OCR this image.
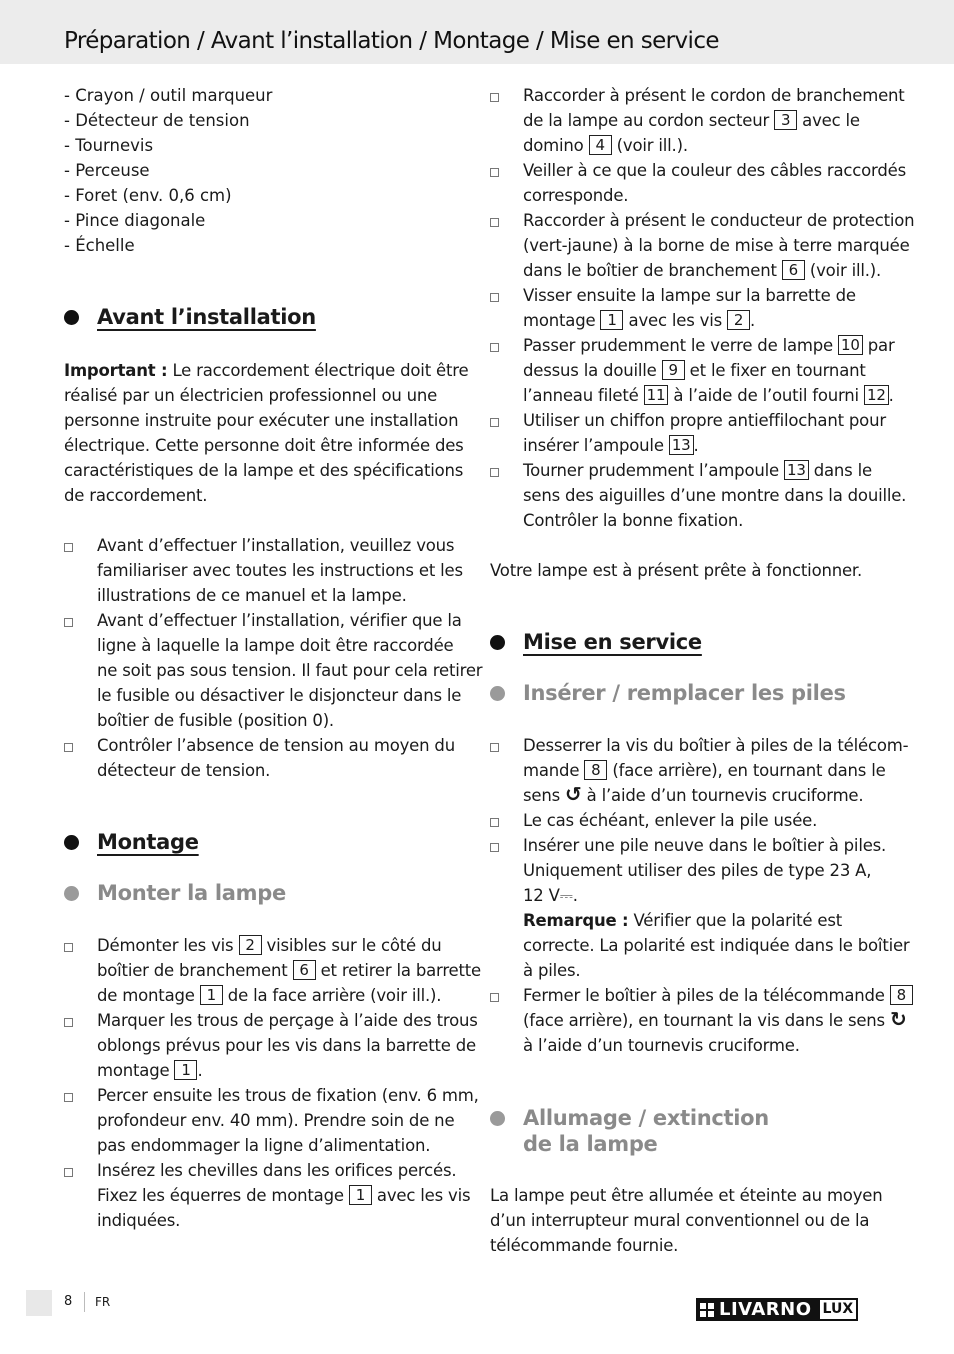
Préparation / Avant l’installation / Montage / Mise en service
- Crayon / outil marqueur
- Détecteur de tension
- Tournevis
- Perceuse
- Foret (env. 0,6 cm)
- Pince diagonale
- Échelle
Avant l’installation
Important : Le raccordement électrique doit être
réalisé par un électricien professionnel ou une
personne instruite pour exécuter une installation
électrique. Cette personne doit être informée des
caractéristiques de la lampe et des spécifications
de raccordement.
Avant d’effectuer l’installation, veuillez vous
familiariser avec toutes les instructions et les
illustrations de ce manuel et la lampe.
Avant d’effectuer l’installation, vérifier que la
ligne à laquelle la lampe doit être raccordée
ne soit pas sous tension. Il faut pour cela retirer
le fusible ou désactiver le disjoncteur dans le
boîtier de fusible (position 0).
Contrôler l’absence de tension au moyen du
détecteur de tension.
Montage
Monter la lampe
Démonter les vis 2 visibles sur le côté du
boîtier de branchement 6 et retirer la barrette
de montage 1 de la face arrière (voir ill.).
Marquer les trous de perçage à l’aide des trous
oblongs prévus pour les vis dans la barrette de
montage 1 .
Percer ensuite les trous de fixation (env. 6 mm,
profondeur env. 40 mm). Prendre soin de ne
pas endommager la ligne d’alimentation.
Insérez les chevilles dans les orifices percés.
Fixez les équerres de montage 1 avec les vis
indiquées.
Raccorder à présent le cordon de branchement
de la lampe au cordon secteur 3 avec le
domino 4 (voir ill.).
Veiller à ce que la couleur des câbles raccordés
corresponde.
Raccorder à présent le conducteur de protection
(vert-jaune) à la borne de mise à terre marquée
dans le boîtier de branchement 6 (voir ill.).
Visser ensuite la lampe sur la barrette de
montage 1 avec les vis 2 .
Passer prudemment le verre de lampe 10 par
dessus la douille 9 et le fixer en tournant
l’anneau fileté 11 à l’aide de l’outil fourni 12 .
Utiliser un chiffon propre antieffilochant pour
insérer l’ampoule 13 .
Tourner prudemment l’ampoule 13 dans le
sens des aiguilles d’une montre dans la douille.
Contrôler la bonne fixation.
Votre lampe est à présent prête à fonctionner.
Mise en service
Insérer / remplacer les piles
Desserrer la vis du boîtier à piles de la télécom-
mande 8 (face arrière), en tournant dans le
sens ↺ à l’aide d’un tournevis cruciforme.
Le cas échéant, enlever la pile usée.
Insérer une pile neuve dans le boîtier à piles.
Uniquement utiliser des piles de type 23 A,
12 V⎓.
Remarque : Vérifier que la polarité est
correcte. La polarité est indiquée dans le boîtier
à piles.
Fermer le boîtier à piles de la télécommande 8
(face arrière), en tournant la vis dans le sens ↻
à l’aide d’un tournevis cruciforme.
Allumage / extinction
de la lampe
La lampe peut être allumée et éteinte au moyen
d’un interrupteur mural conventionnel ou de la
télécommande fournie.
8 FR	LIVARNO LUX
